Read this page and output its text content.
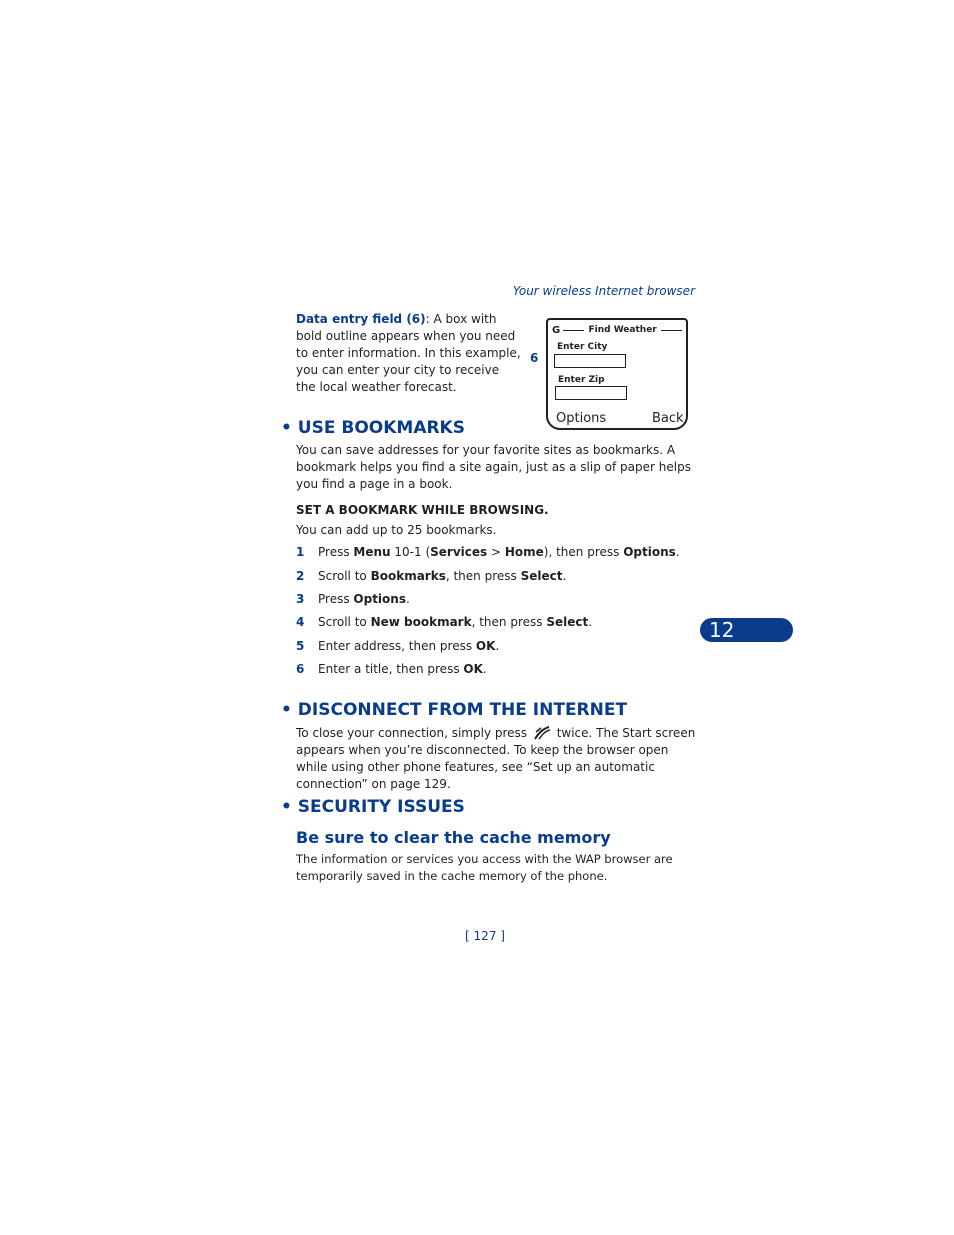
Your wireless Internet browser
Data entry field (6): A box with bold outline appears when you need to enter information. In this example, you can enter your city to receive the local weather forecast.
6
G	Find Weather
Enter City
Enter Zip
Options	Back
• USE BOOKMARKS
You can save addresses for your favorite sites as bookmarks. A bookmark helps you find a site again, just as a slip of paper helps you find a page in a book.
SET A BOOKMARK WHILE BROWSING.
You can add up to 25 bookmarks.
1	Press Menu 10-1 (Services > Home), then press Options.
2	Scroll to Bookmarks, then press Select.
3	Press Options.
4	Scroll to New bookmark, then press Select.
5	Enter address, then press OK.
6	Enter a title, then press OK.
12
• DISCONNECT FROM THE INTERNET
To close your connection, simply press twice. The Start screen appears when you’re disconnected. To keep the browser open while using other phone features, see “Set up an automatic connection” on page 129.
• SECURITY ISSUES
Be sure to clear the cache memory
The information or services you access with the WAP browser are temporarily saved in the cache memory of the phone.
[ 127 ]
